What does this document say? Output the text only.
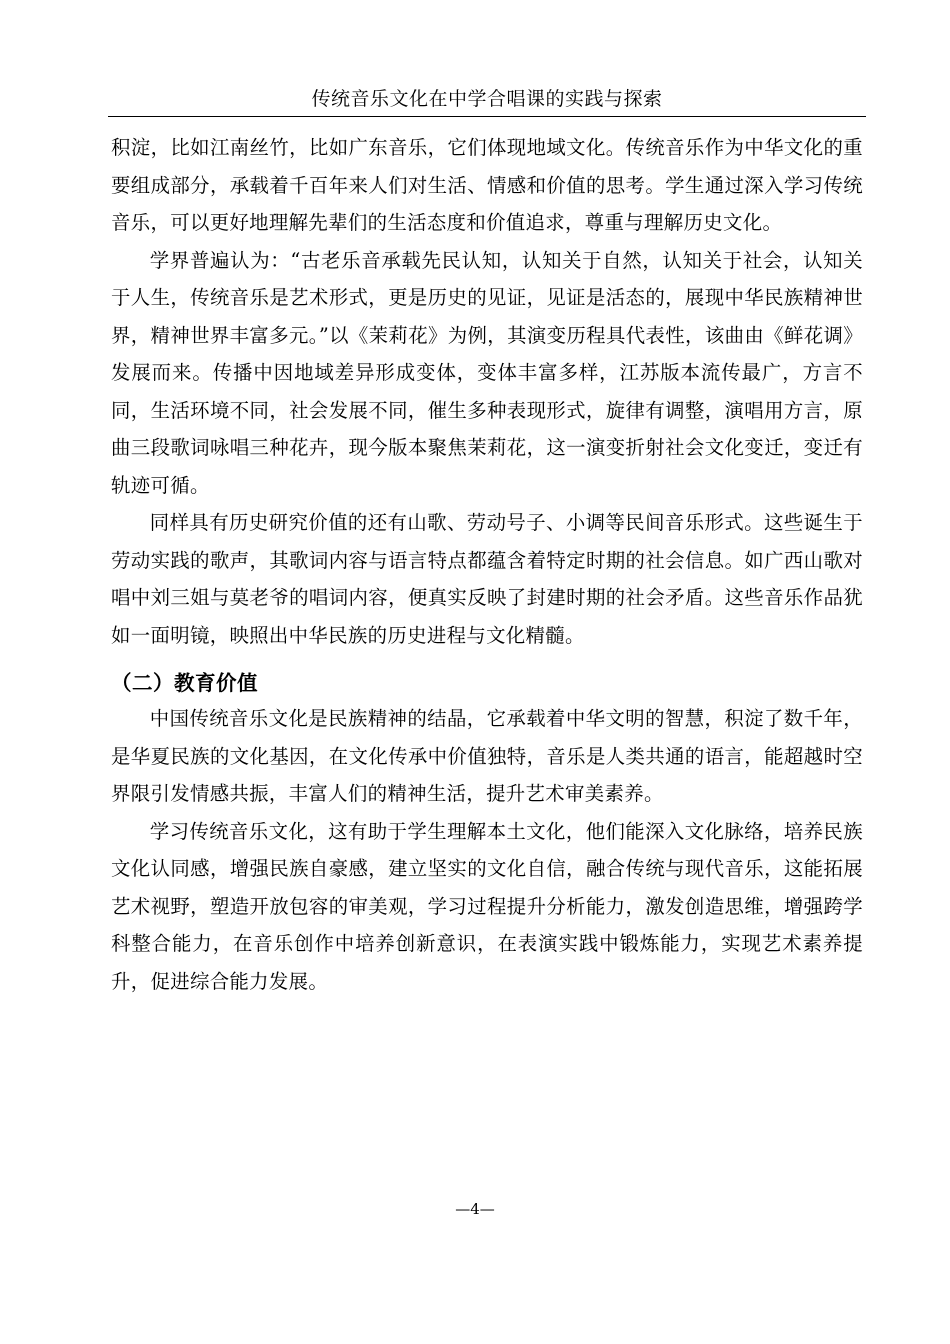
传统音乐文化在中学合唱课的实践与探索

积淀，比如江南丝竹，比如广东音乐，它们体现地域文化。传统音乐作为中华文化的重要组成部分，承载着千百年来人们对生活、情感和价值的思考。学生通过深入学习传统音乐，可以更好地理解先辈们的生活态度和价值追求，尊重与理解历史文化。

学界普遍认为：“古老乐音承载先民认知，认知关于自然，认知关于社会，认知关于人生，传统音乐是艺术形式，更是历史的见证，见证是活态的，展现中华民族精神世界，精神世界丰富多元。”以《茉莉花》为例，其演变历程具代表性，该曲由《鲜花调》发展而来。传播中因地域差异形成变体，变体丰富多样，江苏版本流传最广，方言不同，生活环境不同，社会发展不同，催生多种表现形式，旋律有调整，演唱用方言，原曲三段歌词咏唱三种花卉，现今版本聚焦茉莉花，这一演变折射社会文化变迁，变迁有轨迹可循。

同样具有历史研究价值的还有山歌、劳动号子、小调等民间音乐形式。这些诞生于劳动实践的歌声，其歌词内容与语言特点都蕴含着特定时期的社会信息。如广西山歌对唱中刘三姐与莫老爷的唱词内容，便真实反映了封建时期的社会矛盾。这些音乐作品犹如一面明镜，映照出中华民族的历史进程与文化精髓。

（二）教育价值

中国传统音乐文化是民族精神的结晶，它承载着中华文明的智慧，积淀了数千年，是华夏民族的文化基因，在文化传承中价值独特，音乐是人类共通的语言，能超越时空界限引发情感共振，丰富人们的精神生活，提升艺术审美素养。

学习传统音乐文化，这有助于学生理解本土文化，他们能深入文化脉络，培养民族文化认同感，增强民族自豪感，建立坚实的文化自信，融合传统与现代音乐，这能拓展艺术视野，塑造开放包容的审美观，学习过程提升分析能力，激发创造思维，增强跨学科整合能力，在音乐创作中培养创新意识，在表演实践中锻炼能力，实现艺术素养提升，促进综合能力发展。

—4—
